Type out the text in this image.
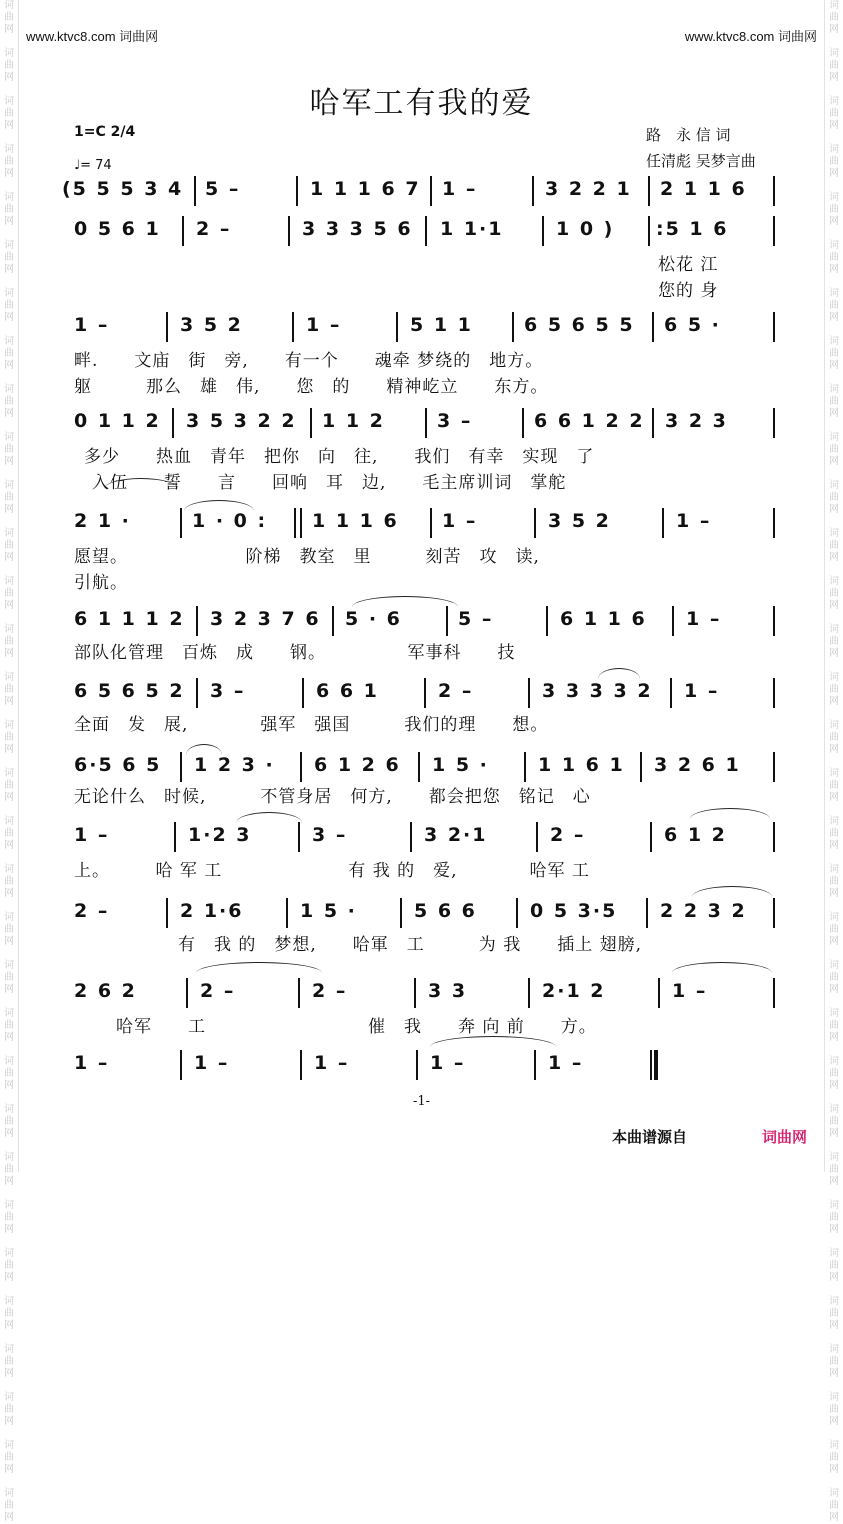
词
曲
网

词
曲
网

词
曲
网

词
曲
网

词
曲
网

词
曲
网

词
曲
网

词
曲
网

词
曲
网

词
曲
网

词
曲
网

词
曲
网

词
曲
网

词
曲
网

词
曲
网

词
曲
网

词
曲
网

词
曲
网

词
曲
网

词
曲
网

词
曲
网

词
曲
网

词
曲
网

词
曲
网

词
曲
网

词
曲
网

词
曲
网

词
曲
网

词
曲
网

词
曲
网

词
曲
网

词
曲
网

词
曲
网

词
曲
网

词
曲
网

词
曲
网

词
曲
网

词
曲
网

词
曲
网

词
曲
网

词
曲
网

词
曲
网

词
曲
网

词
曲
网

词
曲
网

词
曲
网

词
曲
网

词
曲
网

词
曲
网

词
曲
网

词
曲
网

词
曲
网

词
曲
网

词
曲
网

词
曲
网

词
曲
网

词
曲
网

词
曲
网

词
曲
网

词
曲
网

词
曲
网

词
曲
网

词
曲
网

词
曲
网

www.ktvc8.com 词曲网	www.ktvc8.com 词曲网
哈军工有我的爱
1=C 2/4
♩= 74
路　永 信 词
任清彪 吴梦言曲
(5 5 5 3 4 5 –	1 1 1 6 7 1 –	3 2 2 1 2 1 1 6
0 5 6 1 2 –	3 3 3 5 6 1 1·1	1 0 ) :5 1 6
松花 江
您的 身
1 –	3 5 2	1 –	5 1 1	6 5 6 5 5 6 5 ·
畔.　　文庙　街　旁,　　有一个　　魂牵 梦绕的　地方。
躯　　　那么　雄　伟,　　您　的　　精神屹立　　东方。
0 1 1 2 3 5 3 2 2 1 1 2	3 –	6 6 1 2 2 3 2 3
多少　　热血　青年　把你　向　往,　　我们　有幸　实现　了
入伍　　誓　　言　　回响　耳　边,　　毛主席训词　掌舵
2 1 ·	1 · 0 : 1 1 1 6 1 –	3 5 2	1 –
愿望。　　　　　　　阶梯　教室　里　　　刻苦　攻　读,
引航。
6 1 1 1 2 3 2 3 7 6 5 · 6	5 –	6 1 1 6 1 –
部队化管理　百炼　成　　钢。　　　　　军事科　　技
6 5 6 5 2 3 –	6 6 1	2 –	3 3 3 3 2 1 –
全面　发　展,　　　　强军　强国　　　我们的理　　想。
6·5 6 5 1 2 3 · 6 1 2 6 1 5 ·	1 1 6 1 3 2 6 1
无论什么　时候,　　　不管身居　何方,　　都会把您　铭记　心
1 –	1·2 3	3 –	3 2·1	2 –	6 1 2
上。　　　哈 军 工　　　　　　　有 我 的　爱,　　　　哈军 工
2 –	2 1·6	1 5 ·	5 6 6	0 5 3·5 2 2 3 2
有　我 的　梦想,　　哈軍　工　　　为 我　　插上 翅膀,
2 6 2	2 –	2 –	3 3	2·1 2	1 –
哈军　　工　　　　　　　　　催　我　　奔 向 前　　方。
1 –	1 –	1 –	1 –	1 –
-1-
本曲谱源自	词曲网
